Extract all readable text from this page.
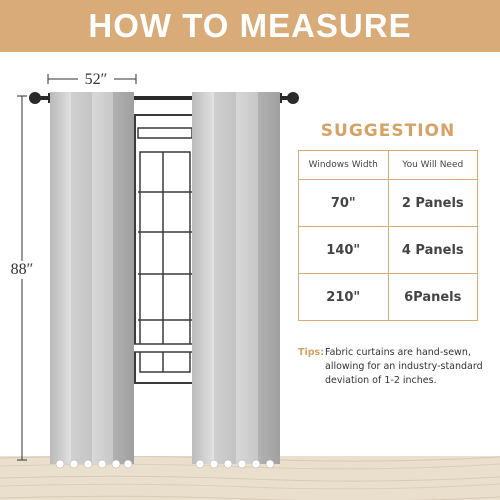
HOW TO MEASURE
52″
88″
SUGGESTION
Windows Width	You Will Need
70"	2 Panels
140"	4 Panels
210"	6Panels
Tips: Fabric curtains are hand-sewn, allowing for an industry-standard deviation of 1-2 inches.
